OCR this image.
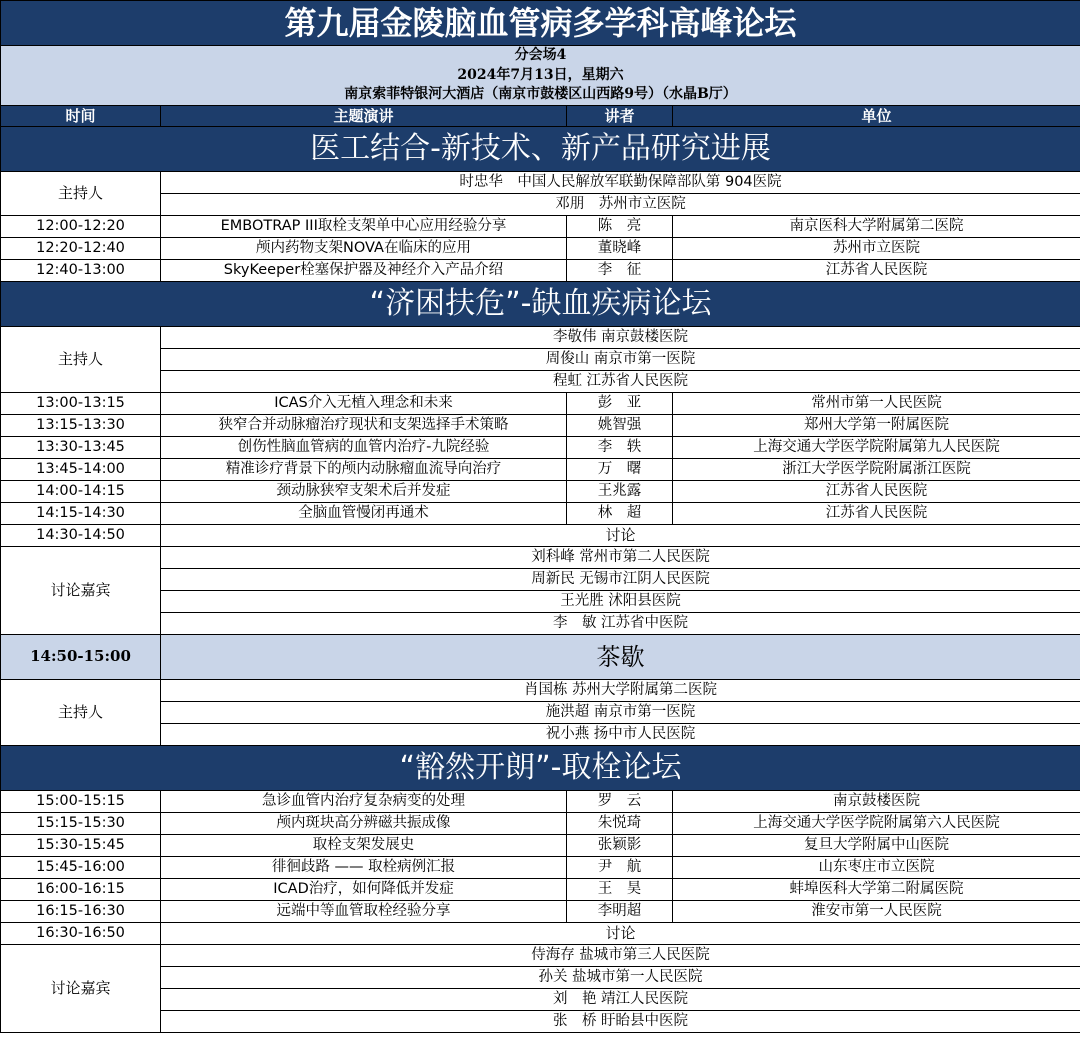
第九届金陵脑血管病多学科高峰论坛			
分会场4			
2024年7月13日，星期六			
南京索菲特银河大酒店（南京市鼓楼区山西路9号）（水晶B厅）			
时间	主题演讲	讲者	单位
医工结合-新技术、新产品研究进展			
主持人	时忠华　中国人民解放军联勤保障部队第 904医院		
	邓朋　苏州市立医院		
12:00-12:20	EMBOTRAP III取栓支架单中心应用经验分享	陈　亮	南京医科大学附属第二医院
12:20-12:40	颅内药物支架NOVA在临床的应用	董晓峰	苏州市立医院
12:40-13:00	SkyKeeper栓塞保护器及神经介入产品介绍	李　征	江苏省人民医院
“济困扶危”-缺血疾病论坛			
主持人	李敬伟 南京鼓楼医院		
	周俊山 南京市第一医院		
	程虹 江苏省人民医院		
13:00-13:15	ICAS介入无植入理念和未来	彭　亚	常州市第一人民医院
13:15-13:30	狭窄合并动脉瘤治疗现状和支架选择手术策略	姚智强	郑州大学第一附属医院
13:30-13:45	创伤性脑血管病的血管内治疗-九院经验	李　轶	上海交通大学医学院附属第九人民医院
13:45-14:00	精准诊疗背景下的颅内动脉瘤血流导向治疗	万　曙	浙江大学医学院附属浙江医院
14:00-14:15	颈动脉狭窄支架术后并发症	王兆露	江苏省人民医院
14:15-14:30	全脑血管慢闭再通术	林　超	江苏省人民医院
14:30-14:50	讨论		
讨论嘉宾	刘科峰 常州市第二人民医院		
	周新民 无锡市江阴人民医院		
	王光胜 沭阳县医院		
	李　敏 江苏省中医院		
14:50-15:00	茶歇		
主持人	肖国栋 苏州大学附属第二医院		
	施洪超 南京市第一医院		
	祝小燕 扬中市人民医院		
“豁然开朗”-取栓论坛			
15:00-15:15	急诊血管内治疗复杂病变的处理	罗　云	南京鼓楼医院
15:15-15:30	颅内斑块高分辨磁共振成像	朱悦琦	上海交通大学医学院附属第六人民医院
15:30-15:45	取栓支架发展史	张颖影	复旦大学附属中山医院
15:45-16:00	徘徊歧路 —— 取栓病例汇报	尹　航	山东枣庄市立医院
16:00-16:15	ICAD治疗，如何降低并发症	王　昊	蚌埠医科大学第二附属医院
16:15-16:30	远端中等血管取栓经验分享	李明超	淮安市第一人民医院
16:30-16:50	讨论		
讨论嘉宾	侍海存 盐城市第三人民医院		
	孙关 盐城市第一人民医院		
	刘　艳 靖江人民医院		
	张　桥 盱眙县中医院		
